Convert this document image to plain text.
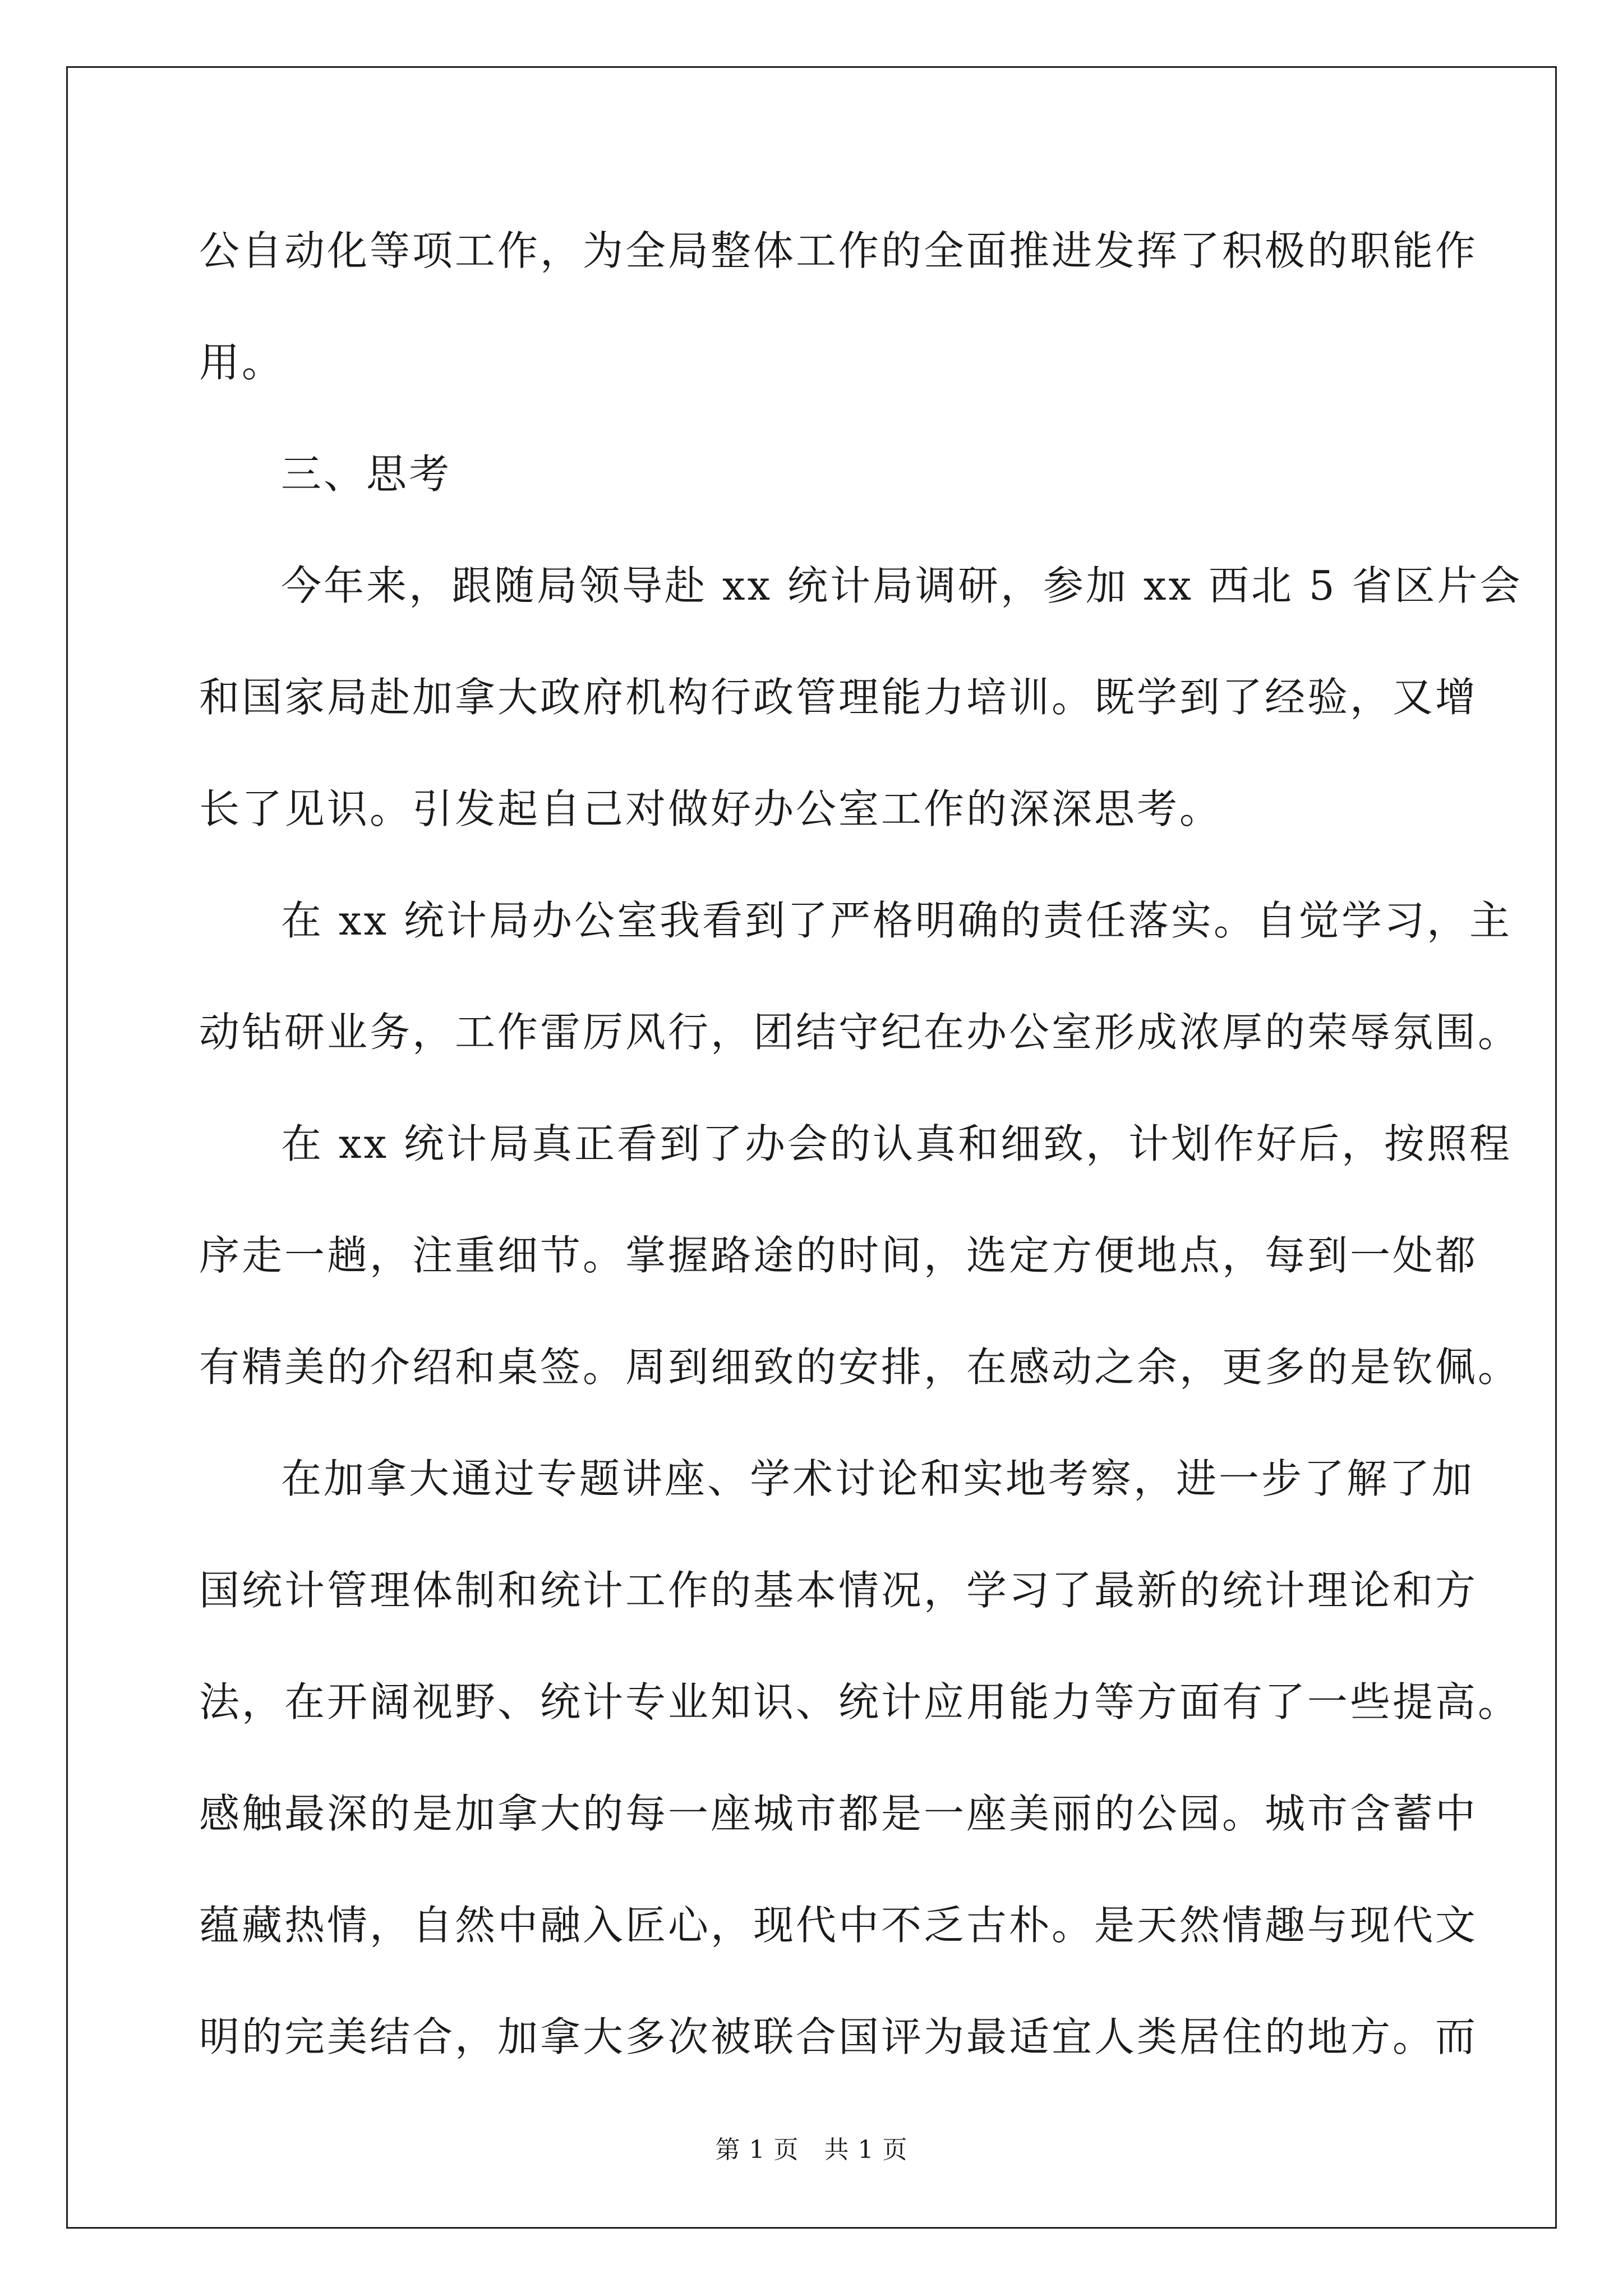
公自动化等项工作，为全局整体工作的全面推进发挥了积极的职能作
用。
三、思考
今年来，跟随局领导赴 xx 统计局调研，参加 xx 西北 5 省区片会
和国家局赴加拿大政府机构行政管理能力培训。既学到了经验，又增
长了见识。引发起自己对做好办公室工作的深深思考。
在 xx 统计局办公室我看到了严格明确的责任落实。自觉学习，主
动钻研业务，工作雷厉风行，团结守纪在办公室形成浓厚的荣辱氛围。
在 xx 统计局真正看到了办会的认真和细致，计划作好后，按照程
序走一趟，注重细节。掌握路途的时间，选定方便地点，每到一处都
有精美的介绍和桌签。周到细致的安排，在感动之余，更多的是钦佩。
在加拿大通过专题讲座、学术讨论和实地考察，进一步了解了加
国统计管理体制和统计工作的基本情况，学习了最新的统计理论和方
法，在开阔视野、统计专业知识、统计应用能力等方面有了一些提高。
感触最深的是加拿大的每一座城市都是一座美丽的公园。城市含蓄中
蕴藏热情，自然中融入匠心，现代中不乏古朴。是天然情趣与现代文
明的完美结合，加拿大多次被联合国评为最适宜人类居住的地方。而
第 1 页　共 1 页
